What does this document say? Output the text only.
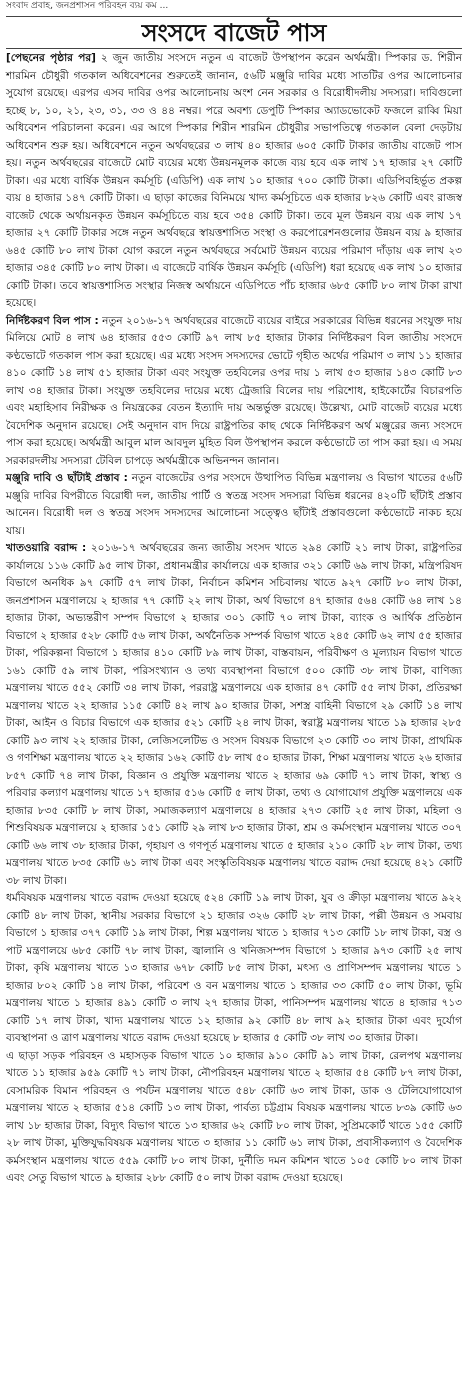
সংবাদ প্রবাহ, জনপ্রশাসন পরিবহন ব্যয় কম ...
সংসদে বাজেট পাস

[পেছনের পৃষ্ঠার পর] ২ জুন জাতীয় সংসদে নতুন এ বাজেট উপস্থাপন করেন অর্থমন্ত্রী। স্পিকার ড. শিরীন শারমিন চৌধুরী গতকাল অধিবেশনের শুরুতেই জানান, ৫৬টি মঞ্জুরি দাবির মধ্যে সাতটির ওপর আলোচনার সুযোগ রয়েছে। এরপর এসব দাবির ওপর আলোচনায় অংশ নেন সরকার ও বিরোধীদলীয় সদস্যরা। দাবিগুলো হচ্ছে ৮, ১০, ২১, ২৩, ৩১, ৩৩ ও ৪৪ নম্বর। পরে অবশ্য ডেপুটি স্পিকার অ্যাডভোকেট ফজলে রাব্বি মিয়া অধিবেশন পরিচালনা করেন। এর আগে স্পিকার শিরীন শারমিন চৌধুরীর সভাপতিত্বে গতকাল বেলা দেড়টায় অধিবেশন শুরু হয়। অধিবেশনে নতুন অর্থবছরের ৩ লাখ ৪০ হাজার ৬০৫ কোটি টাকার জাতীয় বাজেট পাস হয়। নতুন অর্থবছরের বাজেটে মোট ব্যয়ের মধ্যে উন্নয়নমূলক কাজে ব্যয় হবে এক লাখ ১৭ হাজার ২৭ কোটি টাকা। এর মধ্যে বার্ষিক উন্নয়ন কর্মসূচি (এডিপি) এক লাখ ১০ হাজার ৭০০ কোটি টাকা। এডিপিবহির্ভূত প্রকল্প ব্যয় ৪ হাজার ১৪৭ কোটি টাকা। এ ছাড়া কাজের বিনিময়ে খাদ্য কর্মসূচিতে এক হাজার ৮২৬ কোটি এবং রাজস্ব বাজেট থেকে অর্থায়নকৃত উন্নয়ন কর্মসূচিতে ব্যয় হবে ৩৫৪ কোটি টাকা। তবে মূল উন্নয়ন ব্যয় এক লাখ ১৭ হাজার ২৭ কোটি টাকার সঙ্গে নতুন অর্থবছরে স্বায়ত্তশাসিত সংস্থা ও করপোরেশনগুলোর উন্নয়ন ব্যয় ৯ হাজার ৬৪৫ কোটি ৮০ লাখ টাকা যোগ করলে নতুন অর্থবছরে সর্বমোট উন্নয়ন ব্যয়ের পরিমাণ দাঁড়ায় এক লাখ ২৩ হাজার ৩৪৫ কোটি ৮০ লাখ টাকা। এ বাজেটে বার্ষিক উন্নয়ন কর্মসূচি (এডিপি) ধরা হয়েছে এক লাখ ১০ হাজার কোটি টাকা। তবে স্বায়ত্তশাসিত সংস্থার নিজস্ব অর্থায়নে এডিপিতে পাঁচ হাজার ৬৮৫ কোটি ৮০ লাখ টাকা রাখা হয়েছে।

নির্দিষ্টকরণ বিল পাস : নতুন ২০১৬-১৭ অর্থবছরের বাজেটে ব্যয়ের বাইরে সরকারের বিভিন্ন ধরনের সংযুক্ত দায় মিলিয়ে মোট ৪ লাখ ৬৪ হাজার ৫৫৩ কোটি ৯৭ লাখ ৮৫ হাজার টাকার নির্দিষ্টকরণ বিল জাতীয় সংসদে কণ্ঠভোটে গতকাল পাস করা হয়েছে। এর মধ্যে সংসদ সদস্যদের ভোটে গৃহীত অর্থের পরিমাণ ৩ লাখ ১১ হাজার ৪১০ কোটি ১৪ লাখ ৫১ হাজার টাকা এবং সংযুক্ত তহবিলের ওপর দায় ১ লাখ ৫৩ হাজার ১৪৩ কোটি ৮৩ লাখ ৩৪ হাজার টাকা। সংযুক্ত তহবিলের দায়ের মধ্যে ট্রেজারি বিলের দায় পরিশোধ, হাইকোর্টের বিচারপতি এবং মহাহিসাব নিরীক্ষক ও নিয়ন্ত্রকের বেতন ইত্যাদি দায় অন্তর্ভুক্ত রয়েছে। উল্লেখ্য, মোট বাজেট ব্যয়ের মধ্যে বৈদেশিক অনুদান রয়েছে। সেই অনুদান বাদ দিয়ে রাষ্ট্রপতির কাছ থেকে নির্দিষ্টকরণ অর্থ মঞ্জুরের জন্য সংসদে পাস করা হয়েছে। অর্থমন্ত্রী আবুল মাল আবদুল মুহিত বিল উপস্থাপন করলে কণ্ঠভোটে তা পাস করা হয়। এ সময় সরকারদলীয় সদস্যরা টেবিল চাপড়ে অর্থমন্ত্রীকে অভিনন্দন জানান।

মঞ্জুরি দাবি ও ছাঁটাই প্রস্তাব : নতুন বাজেটের ওপর সংসদে উত্থাপিত বিভিন্ন মন্ত্রণালয় ও বিভাগ খাতের ৫৬টি মঞ্জুরি দাবির বিপরীতে বিরোধী দল, জাতীয় পার্টি ও স্বতন্ত্র সংসদ সদস্যরা বিভিন্ন ধরনের ৪২০টি ছাঁটাই প্রস্তাব আনেন। বিরোধী দল ও স্বতন্ত্র সংসদ সদস্যদের আলোচনা সত্ত্বেও ছাঁটাই প্রস্তাবগুলো কণ্ঠভোটে নাকচ হয়ে যায়।

খাতওয়ারি বরাদ্দ : ২০১৬-১৭ অর্থবছরের জন্য জাতীয় সংসদ খাতে ২৯৪ কোটি ২১ লাখ টাকা, রাষ্ট্রপতির কার্যালয়ে ১১৬ কোটি ৯৫ লাখ টাকা, প্রধানমন্ত্রীর কার্যালয়ে এক হাজার ৩২১ কোটি ৬৯ লাখ টাকা, মন্ত্রিপরিষদ বিভাগে অনধিক ৯৭ কোটি ৫৭ লাখ টাকা, নির্বাচন কমিশন সচিবালয় খাতে ৯২৭ কোটি ৮০ লাখ টাকা, জনপ্রশাসন মন্ত্রণালয়ে ২ হাজার ৭৭ কোটি ২২ লাখ টাকা, অর্থ বিভাগে ৪৭ হাজার ৫৬৪ কোটি ৬৪ লাখ ১৪ হাজার টাকা, অভ্যন্তরীণ সম্পদ বিভাগে ২ হাজার ৩০১ কোটি ৭০ লাখ টাকা, ব্যাংক ও আর্থিক প্রতিষ্ঠান বিভাগে ২ হাজার ৫২৮ কোটি ৫৬ লাখ টাকা, অর্থনৈতিক সম্পর্ক বিভাগ খাতে ২৪৫ কোটি ৬২ লাখ ৫৫ হাজার টাকা, পরিকল্পনা বিভাগে ১ হাজার ৪১০ কোটি ৮৯ লাখ টাকা, বাস্তবায়ন, পরিবীক্ষণ ও মূল্যায়ন বিভাগ খাতে ১৬১ কোটি ৫৯ লাখ টাকা, পরিসংখ্যান ও তথ্য ব্যবস্থাপনা বিভাগে ৫০০ কোটি ৩৮ লাখ টাকা, বাণিজ্য মন্ত্রণালয় খাতে ৫৫২ কোটি ৩৪ লাখ টাকা, পররাষ্ট্র মন্ত্রণালয়ে এক হাজার ৪৭ কোটি ৫৫ লাখ টাকা, প্রতিরক্ষা মন্ত্রণালয় খাতে ২২ হাজার ১১৫ কোটি ৪২ লাখ ৯০ হাজার টাকা, সশস্ত্র বাহিনী বিভাগে ২৯ কোটি ১৪ লাখ টাকা, আইন ও বিচার বিভাগে এক হাজার ৫২১ কোটি ২৪ লাখ টাকা, স্বরাষ্ট্র মন্ত্রণালয় খাতে ১৯ হাজার ২৮৫ কোটি ৯৩ লাখ ২২ হাজার টাকা, লেজিসলেটিভ ও সংসদ বিষয়ক বিভাগে ২৩ কোটি ৩০ লাখ টাকা, প্রাথমিক ও গণশিক্ষা মন্ত্রণালয় খাতে ২২ হাজার ১৬২ কোটি ৫৮ লাখ ৫০ হাজার টাকা, শিক্ষা মন্ত্রণালয় খাতে ২৬ হাজার ৮৫৭ কোটি ৭৪ লাখ টাকা, বিজ্ঞান ও প্রযুক্তি মন্ত্রণালয় খাতে ২ হাজার ৬৯ কোটি ৭১ লাখ টাকা, স্বাস্থ্য ও পরিবার কল্যাণ মন্ত্রণালয় খাতে ১৭ হাজার ৫১৬ কোটি ৫ লাখ টাকা, তথ্য ও যোগাযোগ প্রযুক্তি মন্ত্রণালয়ে এক হাজার ৮৩৫ কোটি ৮ লাখ টাকা, সমাজকল্যাণ মন্ত্রণালয়ে ৪ হাজার ২৭৩ কোটি ২৫ লাখ টাকা, মহিলা ও শিশুবিষয়ক মন্ত্রণালয়ে ২ হাজার ১৫১ কোটি ২৯ লাখ ৮৩ হাজার টাকা, শ্রম ও কর্মসংস্থান মন্ত্রণালয় খাতে ৩০৭ কোটি ৬৬ লাখ ৩৮ হাজার টাকা, গৃহায়ণ ও গণপূর্ত মন্ত্রণালয় খাতে ৫ হাজার ২১০ কোটি ২৮ লাখ টাকা, তথ্য মন্ত্রণালয় খাতে ৮৩৫ কোটি ৬১ লাখ টাকা এবং সংস্কৃতিবিষয়ক মন্ত্রণালয় খাতে বরাদ্দ দেয়া হয়েছে ৪২১ কোটি ৩৮ লাখ টাকা।

ধর্মবিষয়ক মন্ত্রণালয় খাতে বরাদ্দ দেওয়া হয়েছে ৫২৪ কোটি ১৯ লাখ টাকা, যুব ও ক্রীড়া মন্ত্রণালয় খাতে ৯২২ কোটি ৪৮ লাখ টাকা, স্থানীয় সরকার বিভাগে ২১ হাজার ৩২৬ কোটি ২৮ লাখ টাকা, পল্লী উন্নয়ন ও সমবায় বিভাগে ১ হাজার ৩৭৭ কোটি ১৯ লাখ টাকা, শিল্প মন্ত্রণালয় খাতে ১ হাজার ৭১৩ কোটি ১৮ লাখ টাকা, বস্ত্র ও পাট মন্ত্রণালয়ে ৬৮৫ কোটি ৭৮ লাখ টাকা, জ্বালানি ও খনিজসম্পদ বিভাগে ১ হাজার ৯৭৩ কোটি ২৫ লাখ টাকা, কৃষি মন্ত্রণালয় খাতে ১৩ হাজার ৬৭৮ কোটি ৮৫ লাখ টাকা, মৎস্য ও প্রাণিসম্পদ মন্ত্রণালয় খাতে ১ হাজার ৮০২ কোটি ১৪ লাখ টাকা, পরিবেশ ও বন মন্ত্রণালয় খাতে ১ হাজার ৩৩ কোটি ৫০ লাখ টাকা, ভূমি মন্ত্রণালয় খাতে ১ হাজার ৪৯১ কোটি ৩ লাখ ২৭ হাজার টাকা, পানিসম্পদ মন্ত্রণালয় খাতে ৪ হাজার ৭১৩ কোটি ১৭ লাখ টাকা, খাদ্য মন্ত্রণালয় খাতে ১২ হাজার ৯২ কোটি ৪৮ লাখ ৯২ হাজার টাকা এবং দুর্যোগ ব্যবস্থাপনা ও ত্রাণ মন্ত্রণালয় খাতে বরাদ্দ দেওয়া হয়েছে ৮ হাজার ৫ কোটি ৩৮ লাখ ৩০ হাজার টাকা।

এ ছাড়া সড়ক পরিবহন ও মহাসড়ক বিভাগ খাতে ১০ হাজার ৯১০ কোটি ৯১ লাখ টাকা, রেলপথ মন্ত্রণালয় খাতে ১১ হাজার ৯৫৯ কোটি ৭১ লাখ টাকা, নৌপরিবহন মন্ত্রণালয় খাতে ২ হাজার ৫৪ কোটি ৮৭ লাখ টাকা, বেসামরিক বিমান পরিবহন ও পর্যটন মন্ত্রণালয় খাতে ৫৪৮ কোটি ৬৩ লাখ টাকা, ডাক ও টেলিযোগাযোগ মন্ত্রণালয় খাতে ২ হাজার ৫১৪ কোটি ১৩ লাখ টাকা, পার্বত্য চট্টগ্রাম বিষয়ক মন্ত্রণালয় খাতে ৮৩৯ কোটি ৬৩ লাখ ১৮ হাজার টাকা, বিদ্যুৎ বিভাগ খাতে ১৩ হাজার ৬২ কোটি ৮০ লাখ টাকা, সুপ্রিমকোর্ট খাতে ১৫৫ কোটি ২৮ লাখ টাকা, মুক্তিযুদ্ধবিষয়ক মন্ত্রণালয় খাতে ৩ হাজার ১১ কোটি ৬১ লাখ টাকা, প্রবাসীকল্যাণ ও বৈদেশিক কর্মসংস্থান মন্ত্রণালয় খাতে ৫৫৯ কোটি ৮০ লাখ টাকা, দুর্নীতি দমন কমিশন খাতে ১০৫ কোটি ৮০ লাখ টাকা এবং সেতু বিভাগ খাতে ৯ হাজার ২৮৮ কোটি ৫০ লাখ টাকা বরাদ্দ দেওয়া হয়েছে।
